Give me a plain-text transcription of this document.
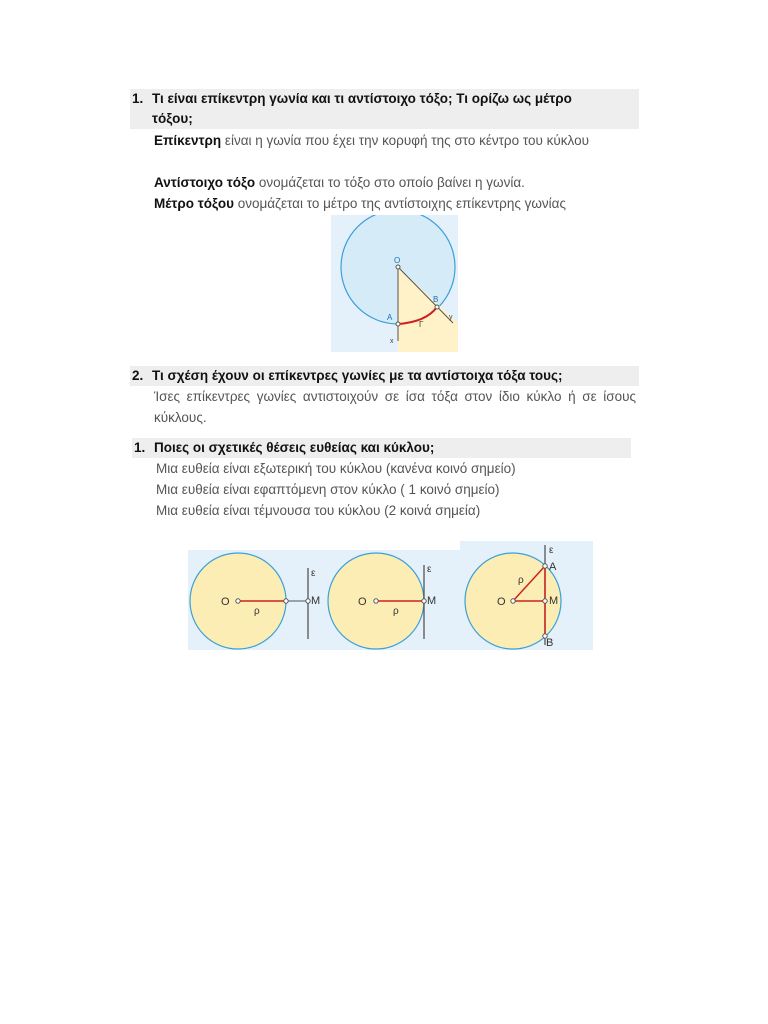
1. Τι είναι επίκεντρη γωνία και τι αντίστοιχο τόξο; Τι ορίζω ως μέτρο
τόξου;
Επίκεντρη είναι η γωνία που έχει την κορυφή της στο κέντρο του κύκλου
Αντίστοιχο τόξο ονομάζεται το τόξο στο οποίο βαίνει η γωνία.
Μέτρο τόξου ονομάζεται το μέτρο της αντίστοιχης επίκεντρης γωνίας
O
A
B
Γ
x
y
2. Τι σχέση έχουν οι επίκεντρες γωνίες με τα αντίστοιχα τόξα τους;
Ίσες επίκεντρες γωνίες αντιστοιχούν σε ίσα τόξα στον ίδιο κύκλο ή σε ίσους κύκλους.
1. Ποιες οι σχετικές θέσεις ευθείας και κύκλου;
Μια ευθεία είναι εξωτερική του κύκλου (κανένα κοινό σημείο)
Μια ευθεία είναι εφαπτόμενη στον κύκλο ( 1 κοινό σημείο)
Μια ευθεία είναι τέμνουσα του κύκλου (2 κοινά σημεία)
O
ρ
M
ε
O
ρ
M
ε
O
ρ
M
A
B
ε
